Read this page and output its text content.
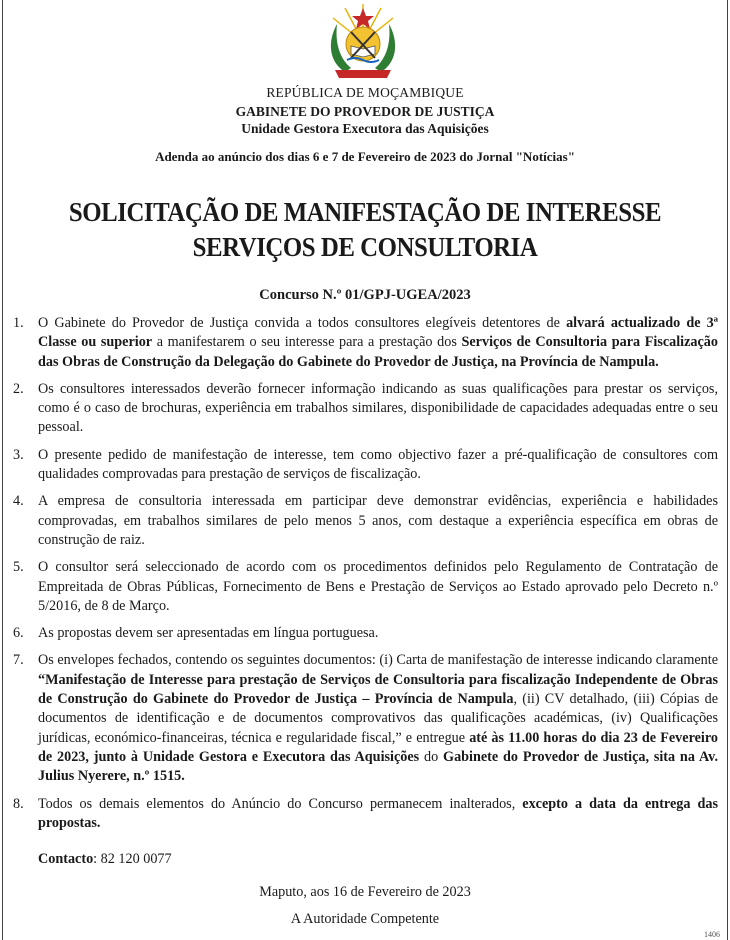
REPÚBLICA DE MOÇAMBIQUE
GABINETE DO PROVEDOR DE JUSTIÇA
Unidade Gestora Executora das Aquisições
Adenda ao anúncio dos dias 6 e 7 de Fevereiro de 2023 do Jornal "Notícias"
SOLICITAÇÃO DE MANIFESTAÇÃO DE INTERESSE
SERVIÇOS DE CONSULTORIA
Concurso N.º 01/GPJ-UGEA/2023
1. O Gabinete do Provedor de Justiça convida a todos consultores elegíveis detentores de alvará actualizado de 3ª Classe ou superior a manifestarem o seu interesse para a prestação dos Serviços de Consultoria para Fiscalização das Obras de Construção da Delegação do Gabinete do Provedor de Justiça, na Província de Nampula.
2. Os consultores interessados deverão fornecer informação indicando as suas qualificações para prestar os serviços, como é o caso de brochuras, experiência em trabalhos similares, disponibilidade de capacidades adequadas entre o seu pessoal.
3. O presente pedido de manifestação de interesse, tem como objectivo fazer a pré-qualificação de consultores com qualidades comprovadas para prestação de serviços de fiscalização.
4. A empresa de consultoria interessada em participar deve demonstrar evidências, experiência e habilidades comprovadas, em trabalhos similares de pelo menos 5 anos, com destaque a experiência específica em obras de construção de raiz.
5. O consultor será seleccionado de acordo com os procedimentos definidos pelo Regulamento de Contratação de Empreitada de Obras Públicas, Fornecimento de Bens e Prestação de Serviços ao Estado aprovado pelo Decreto n.º 5/2016, de 8 de Março.
6. As propostas devem ser apresentadas em língua portuguesa.
7. Os envelopes fechados, contendo os seguintes documentos: (i) Carta de manifestação de interesse indicando claramente “Manifestação de Interesse para prestação de Serviços de Consultoria para fiscalização Independente de Obras de Construção do Gabinete do Provedor de Justiça – Província de Nampula, (ii) CV detalhado, (iii) Cópias de documentos de identificação e de documentos comprovativos das qualificações académicas, (iv) Qualificações jurídicas, económico-financeiras, técnica e regularidade fiscal,” e entregue até às 11.00 horas do dia 23 de Fevereiro de 2023, junto à Unidade Gestora e Executora das Aquisições do Gabinete do Provedor de Justiça, sita na Av. Julius Nyerere, n.º 1515.
8. Todos os demais elementos do Anúncio do Concurso permanecem inalterados, excepto a data da entrega das propostas.
Contacto: 82 120 0077
Maputo, aos 16 de Fevereiro de 2023
A Autoridade Competente
1406
